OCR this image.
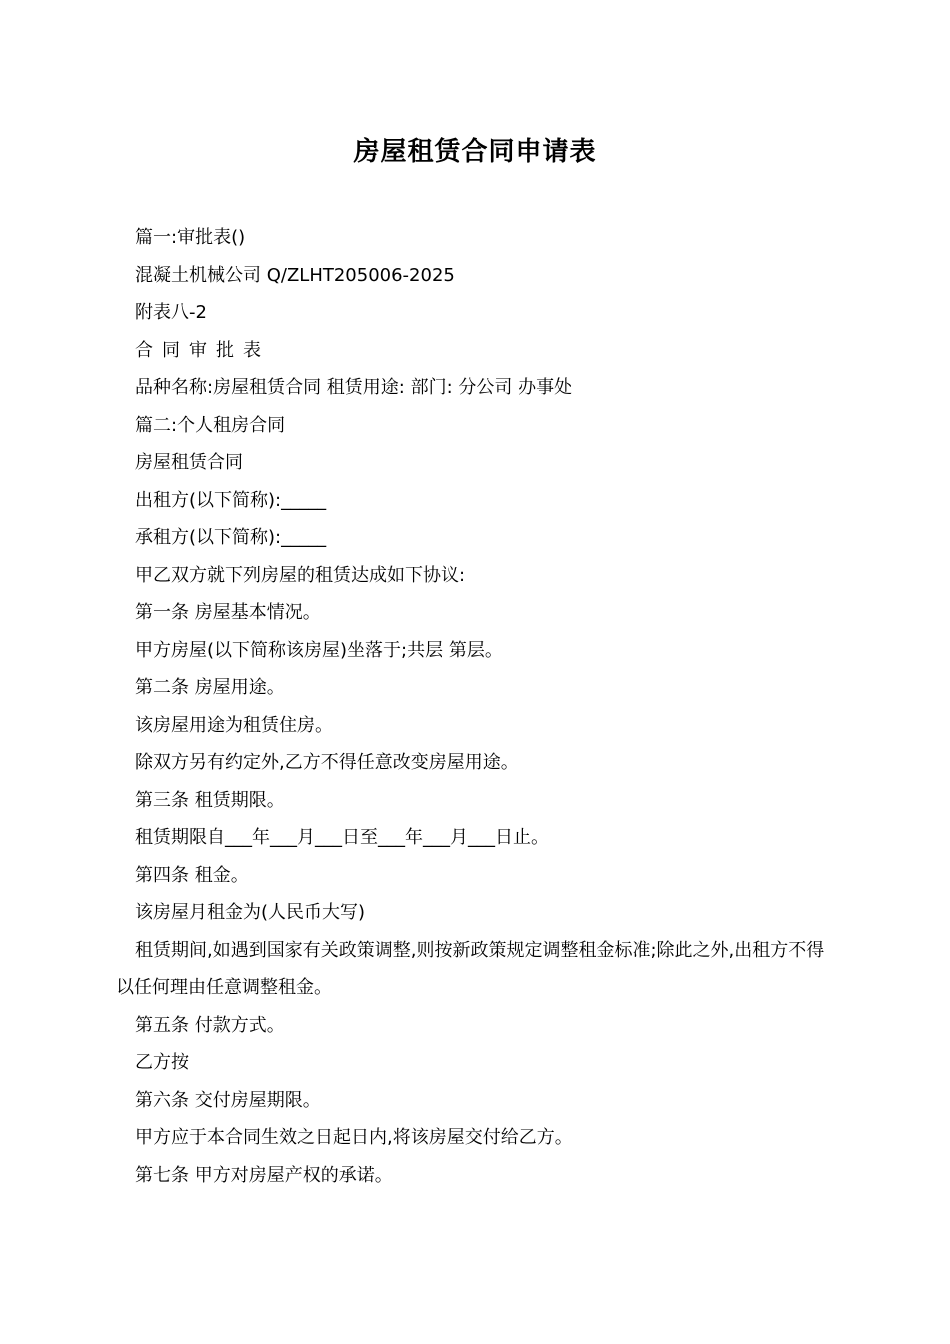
房屋租赁合同申请表
篇一:审批表()
混凝土机械公司 Q/ZLHT205006-2025
附表八-2
合同审批表
品种名称:房屋租赁合同 租赁用途: 部门: 分公司 办事处
篇二:个人租房合同
房屋租赁合同
出租方(以下简称):_____
承租方(以下简称):_____
甲乙双方就下列房屋的租赁达成如下协议:
第一条 房屋基本情况。
甲方房屋(以下简称该房屋)坐落于;共层 第层。
第二条 房屋用途。
该房屋用途为租赁住房。
除双方另有约定外,乙方不得任意改变房屋用途。
第三条 租赁期限。
租赁期限自___年___月___日至___年___月___日止。
第四条 租金。
该房屋月租金为(人民币大写)
租赁期间,如遇到国家有关政策调整,则按新政策规定调整租金标准;除此之外,出租方不得以任何理由任意调整租金。
第五条 付款方式。
乙方按
第六条 交付房屋期限。
甲方应于本合同生效之日起日内,将该房屋交付给乙方。
第七条 甲方对房屋产权的承诺。
